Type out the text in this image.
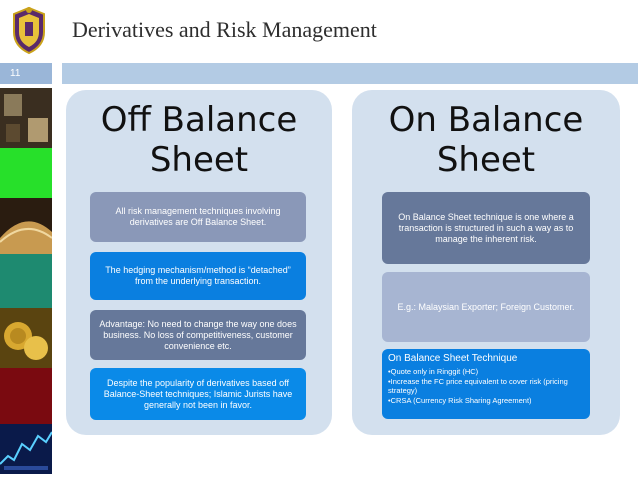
Derivatives and Risk Management
11
Off Balance
Sheet
All risk management techniques involving derivatives are Off Balance Sheet.
The hedging mechanism/method is “detached” from the underlying transaction.
Advantage: No need to change the way one does business. No loss of competitiveness, customer convenience etc.
Despite the popularity of derivatives based off Balance-Sheet techniques; Islamic Jurists have generally not been in favor.
On Balance
Sheet
On Balance Sheet technique is one where a transaction is structured in such a way as to manage the inherent risk.
E.g.: Malaysian Exporter; Foreign Customer.
On Balance Sheet Technique
• Quote only in Ringgit (HC)
• Increase the FC price equivalent to cover risk (pricing strategy)
• CRSA (Currency Risk Sharing Agreement)
